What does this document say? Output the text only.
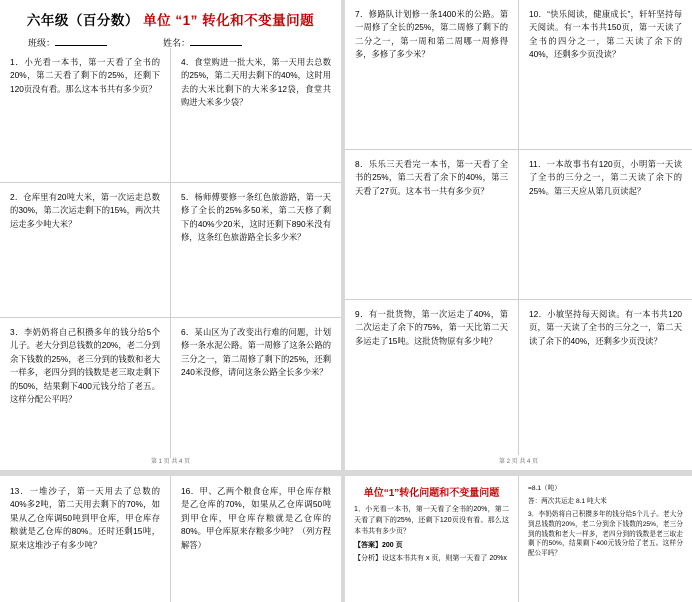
六年级（百分数） 单位 “1” 转化和不变量问题
班级：	姓名：
1．小光看一本书，第一天看了全书的20%，第二天看了剩下的25%，还剩下120页没有看。那么这本书共有多少页？
2．仓库里有20吨大米，第一次运走总数的30%，第二次运走剩下的15%，两次共运走多少吨大米？
3．李奶奶将自己积攒多年的钱分给5个儿子。老大分到总钱数的20%，老二分到余下钱数的25%，老三分到的钱数和老大一样多，老四分到的钱数是老三取走剩下的50%，结果剩下400元钱分给了老五。这样分配公平吗？
4．食堂购进一批大米，第一天用去总数的25%，第二天用去剩下的40%，这时用去的大米比剩下的大米多12袋，食堂共购进大米多少袋？
5．杨师傅要修一条红色旅游路，第一天修了全长的25%多50米，第二天修了剩下的40%少20米，这时还剩下890米没有修，这条红色旅游路全长多少米？
6．某山区为了改变出行难的问题，计划修一条水泥公路。第一周修了这条公路的三分之一，第二周修了剩下的25%，还剩240米没修，请问这条公路全长多少米？
第 1 页 共 4 页
7．修路队计划修一条1400米的公路。第一周修了全长的25%，第二周修了剩下的二分之一，第一周和第二周哪一周修得多，多修了多少米？
8．乐乐三天看完一本书，第一天看了全书的25%，第二天看了余下的40%，第三天看了27页。这本书一共有多少页？
9．有一批货物，第一次运走了40%，第二次运走了余下的75%，第一天比第二天多运走了15吨。这批货物原有多少吨？
10．“快乐阅读，健康成长”，轩轩坚持每天阅读。有一本书共150页，第一天读了全书的四分之一，第二天读了余下的40%，还剩多少页没读？
11．一本故事书有120页，小明第一天读了全书的三分之一，第二天读了余下的25%。第三天应从第几页读起？
12．小敏坚持每天阅读。有一本书共120页，第一天读了全书的三分之一，第二天读了余下的40%，还剩多少页没读？
第 2 页 共 4 页
13．一堆沙子，第一天用去了总数的40%多2吨，第二天用去剩下的70%，如果从乙仓库调50吨到甲仓库，甲仓库存粮就是乙仓库的80%。还时还剩15吨，原来这堆沙子有多少吨？
16．甲、乙两个粮食仓库，甲仓库存粮是乙仓库的70%，如果从乙仓库调50吨到甲仓库，甲仓库存粮就是乙仓库的80%。甲仓库原来存粮多少吨？（列方程解答）
单位“1”转化问题和不变量问题

1．小光看一本书，第一天看了全书的20%，第二天看了剩下的25%，还剩下120页没有看。那么这本书共有多少页？

【答案】200 页

【分析】设这本书共有 x 页，则第一天看了 20%x

=8.1（吨）

答：两次共运走 8.1 吨大米

3．李奶奶将自己积攒多年的钱分给5个儿子。老大分到总钱数的20%，老二分到余下钱数的25%，老三分到的钱数和老大一样多，老四分到的钱数是老三取走剩下的50%，结果剩下400元钱分给了老五。这样分配公平吗？
